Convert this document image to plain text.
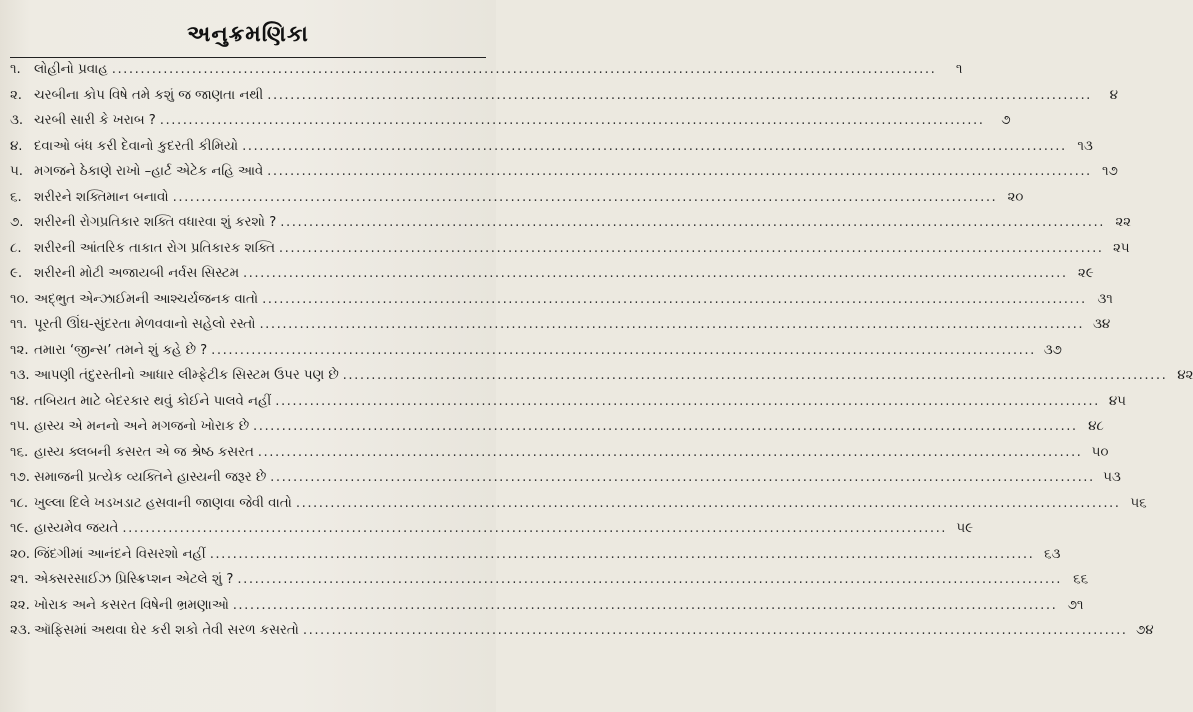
અનુક્રમણિકા
૧. લોહીનો પ્રવાહ .....	૧
૨. ચરબીના કોપ વિષે તમે કશું જ જાણતા નથી .....	૪
૩. ચરબી સારી કે ખરાબ ? .....	૭
૪. દવાઓ બંધ કરી દેવાનો કુદરતી કીમિયો .....	૧૩
૫. મગજને ઠેકાણે રાખો –હાર્ટ એટેક નહિ આવે .....	૧૭
૬. શરીરને શક્તિમાન બનાવો .....	૨૦
૭. શરીરની રોગપ્રતિકાર શક્તિ વધારવા શું કરશો ? .....	૨૨
૮. શરીરની આંતરિક તાકાત રોગ પ્રતિકારક શક્તિ .....	૨૫
૯. શરીરની મોટી અજાયબી નર્વસ સિસ્ટમ .....	૨૯
૧૦. અદ્ભુત એન્ઝાઈમની આશ્ચર્યજનક વાતો .....	૩૧
૧૧. પૂરતી ઊંઘ-સુંદરતા મેળવવાનો સહેલો રસ્તો .....	૩૪
૧૨. તમારા ‘જીન્સ’ તમને શું કહે છે ? .....	૩૭
૧૩. આપણી તંદુરસ્તીનો આધાર લીમ્ફેટીક સિસ્ટમ ઉપર પણ છે .....	૪૨
૧૪. તબિયત માટે બેદરકાર થવું કોઈને પાલવે નહીં .....	૪૫
૧૫. હાસ્ય એ મનનો અને મગજનો ખોરાક છે .....	૪૮
૧૬. હાસ્ય ક્લબની કસરત એ જ શ્રેષ્ઠ કસરત .....	૫૦
૧૭. સમાજની પ્રત્યેક વ્યક્તિને હાસ્યની જરૂર છે .....	૫૩
૧૮. ખુલ્લા દિલે ખડખડાટ હસવાની જાણવા જેવી વાતો .....	૫૬
૧૯. હાસ્યમેવ જયતે .....	૫૯
૨૦. જિંદગીમાં આનંદને વિસરશો નહીં .....	૬૩
૨૧. એક્સરસાઈઝ પ્રિસ્ક્રિપ્શન એટલે શું ? .....	૬૬
૨૨. ખોરાક અને કસરત વિષેની ભ્રમણાઓ .....	૭૧
૨૩. ઑફિસમાં અથવા ઘેર કરી શકો તેવી સરળ કસરતો .....	૭૪
